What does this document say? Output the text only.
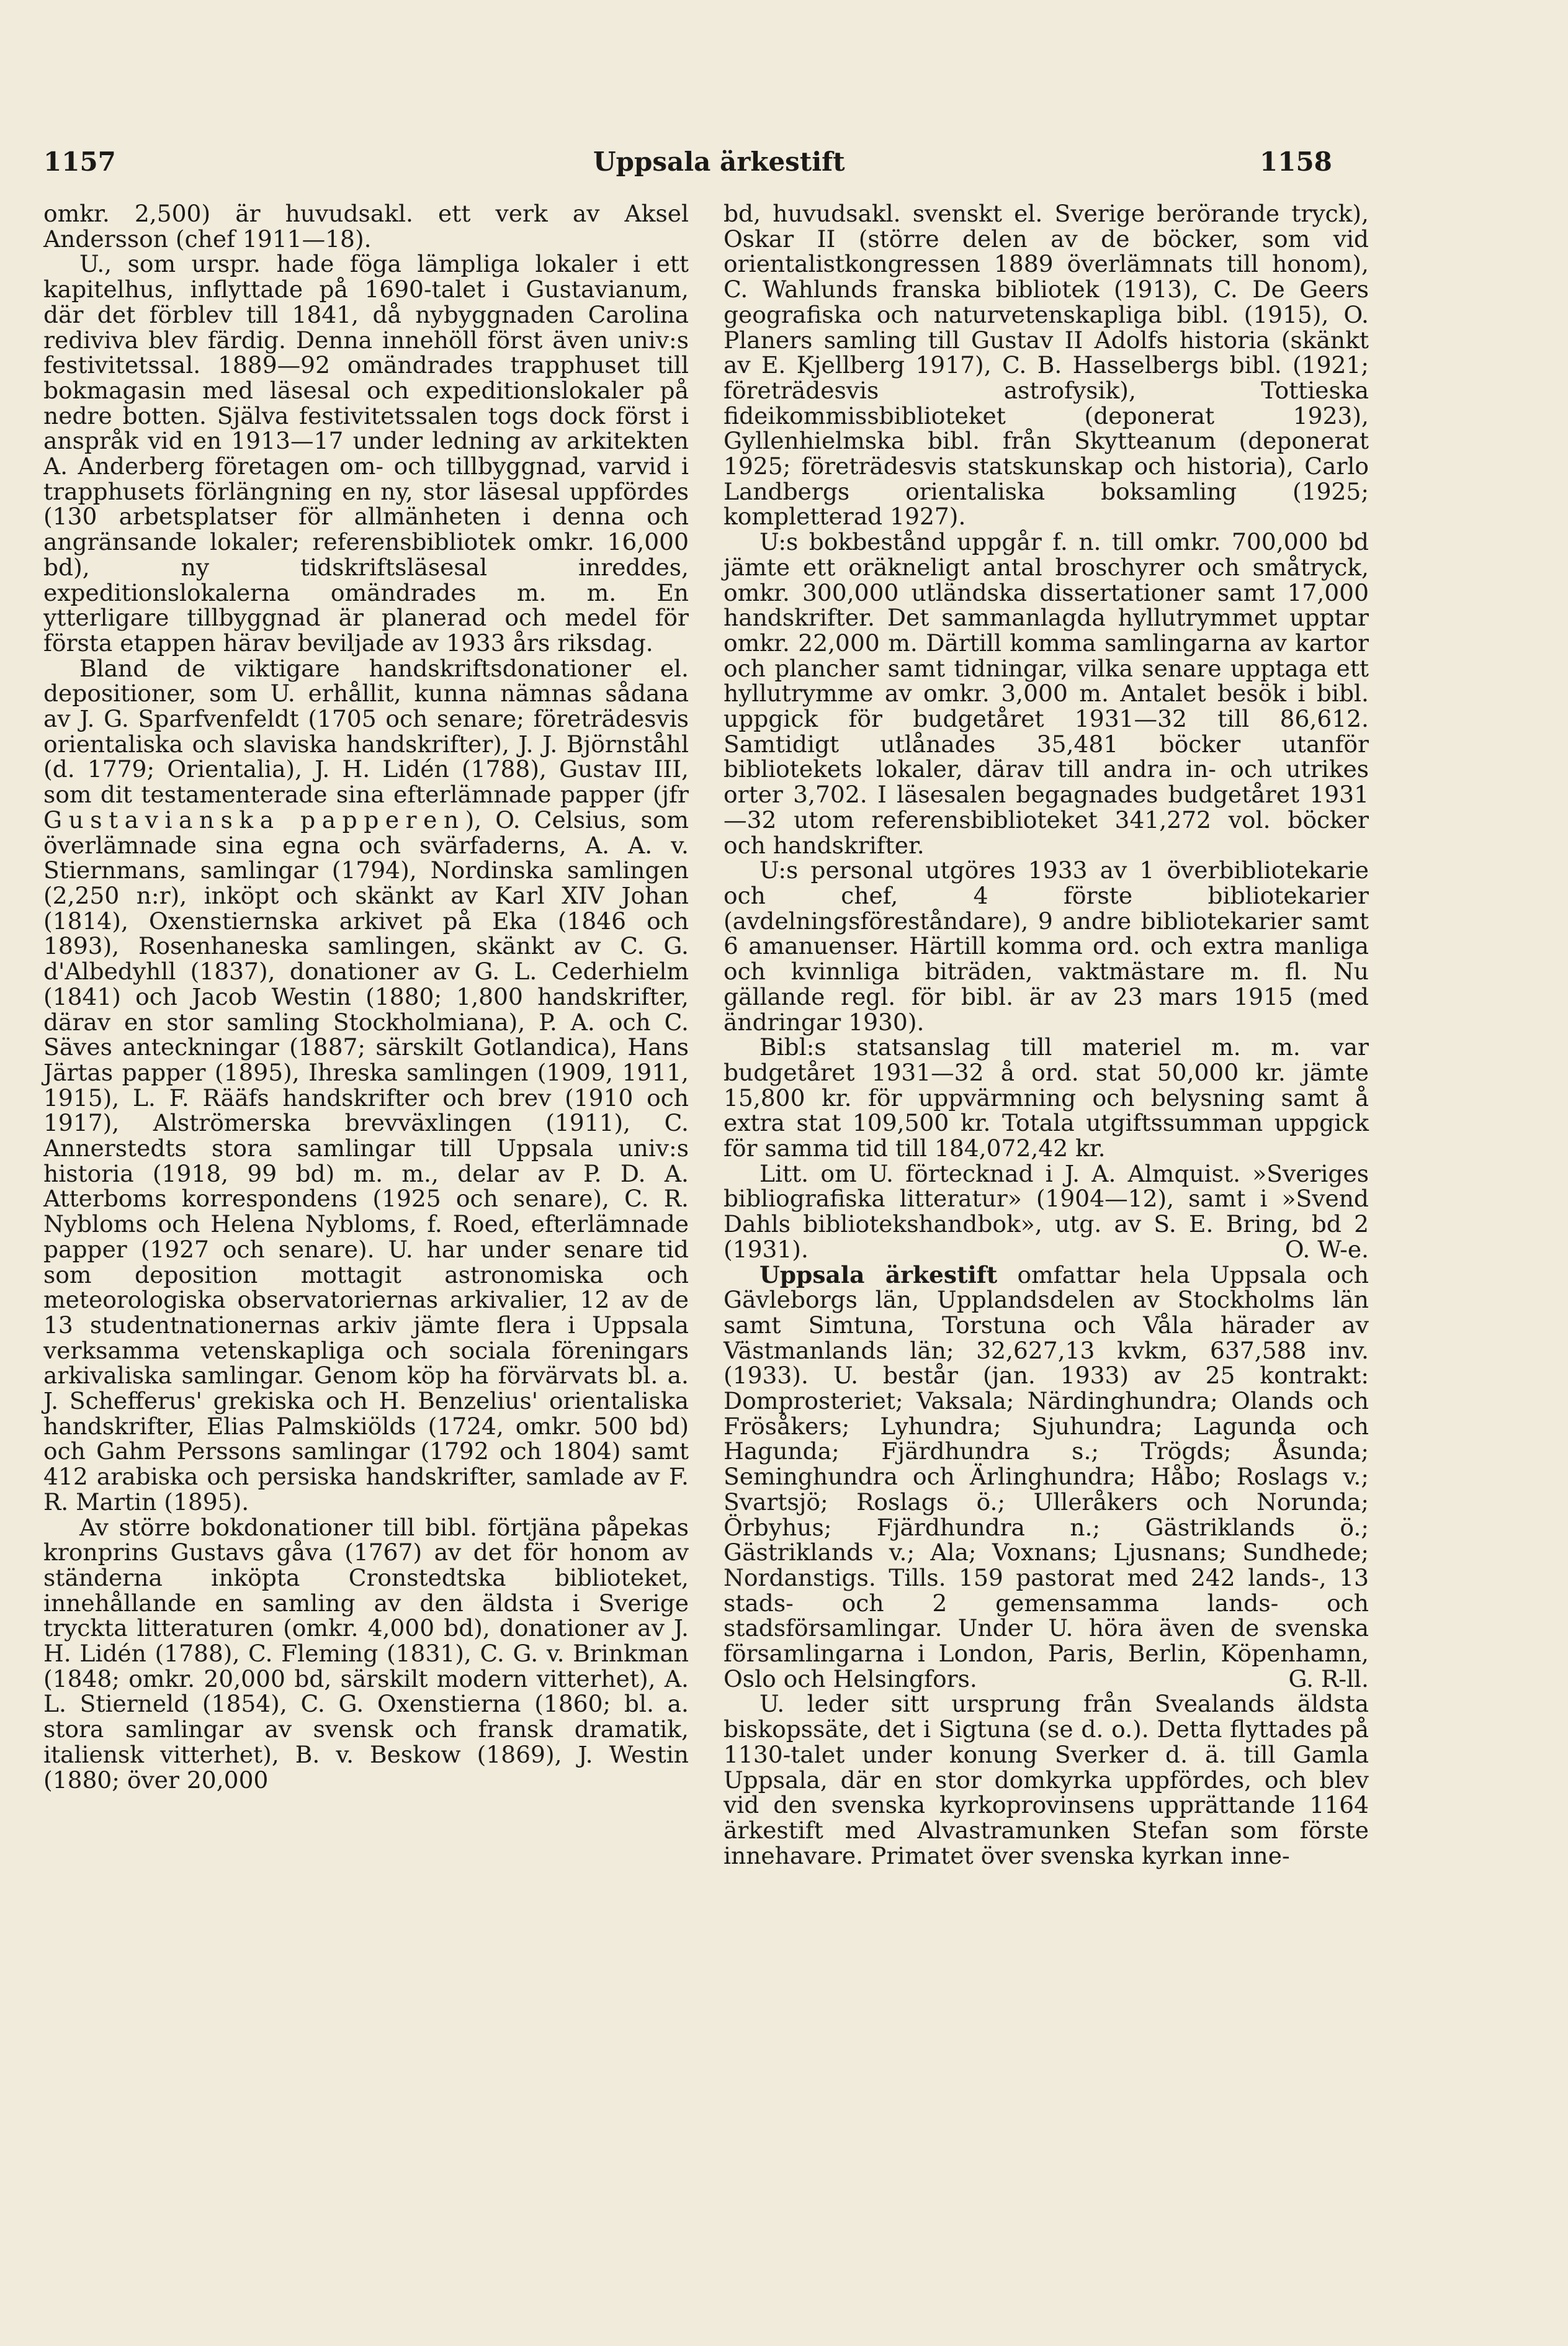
1157	Uppsala ärkestift	1158

omkr. 2,500) är huvudsakl. ett verk av Aksel Andersson (chef 1911—18).

U., som urspr. hade föga lämpliga lokaler i ett kapitelhus, inflyttade på 1690-talet i Gustavianum, där det förblev till 1841, då nybyggnaden Carolina rediviva blev färdig. Denna innehöll först även univ:s festivitetssal. 1889—92 omändrades trapphuset till bokmagasin med läsesal och expeditionslokaler på nedre botten. Själva festivitetssalen togs dock först i anspråk vid en 1913—17 under ledning av arkitekten A. Anderberg företagen om- och tillbyggnad, varvid i trapphusets förlängning en ny, stor läsesal uppfördes (130 arbetsplatser för allmänheten i denna och angränsande lokaler; referensbibliotek omkr. 16,000 bd), ny tidskriftsläsesal inreddes, expeditionslokalerna omändrades m. m. En ytterligare tillbyggnad är planerad och medel för första etappen härav beviljade av 1933 års riksdag.

Bland de viktigare handskriftsdonationer el. depositioner, som U. erhållit, kunna nämnas sådana av J. G. Sparfvenfeldt (1705 och senare; företrädesvis orientaliska och slaviska handskrifter), J. J. Björnståhl (d. 1779; Orientalia), J. H. Lidén (1788), Gustav III, som dit testamenterade sina efterlämnade papper (jfr Gustavianska papperen), O. Celsius, som överlämnade sina egna och svärfaderns, A. A. v. Stiernmans, samlingar (1794), Nordinska samlingen (2,250 n:r), inköpt och skänkt av Karl XIV Johan (1814), Oxenstiernska arkivet på Eka (1846 och 1893), Rosenhaneska samlingen, skänkt av C. G. d'Albedyhll (1837), donationer av G. L. Cederhielm (1841) och Jacob Westin (1880; 1,800 handskrifter, därav en stor samling Stockholmiana), P. A. och C. Säves anteckningar (1887; särskilt Gotlandica), Hans Järtas papper (1895), Ihreska samlingen (1909, 1911, 1915), L. F. Rääfs handskrifter och brev (1910 och 1917), Alströmerska brevväxlingen (1911), C. Annerstedts stora samlingar till Uppsala univ:s historia (1918, 99 bd) m. m., delar av P. D. A. Atterboms korrespondens (1925 och senare), C. R. Nybloms och Helena Nybloms, f. Roed, efterlämnade papper (1927 och senare). U. har under senare tid som deposition mottagit astronomiska och meteorologiska observatoriernas arkivalier, 12 av de 13 studentnationernas arkiv jämte flera i Uppsala verksamma vetenskapliga och sociala föreningars arkivaliska samlingar. Genom köp ha förvärvats bl. a. J. Schefferus' grekiska och H. Benzelius' orientaliska handskrifter, Elias Palmskiölds (1724, omkr. 500 bd) och Gahm Perssons samlingar (1792 och 1804) samt 412 arabiska och persiska handskrifter, samlade av F. R. Martin (1895).

Av större bokdonationer till bibl. förtjäna påpekas kronprins Gustavs gåva (1767) av det för honom av ständerna inköpta Cronstedtska biblioteket, innehållande en samling av den äldsta i Sverige tryckta litteraturen (omkr. 4,000 bd), donationer av J. H. Lidén (1788), C. Fleming (1831), C. G. v. Brinkman (1848; omkr. 20,000 bd, särskilt modern vitterhet), A. L. Stierneld (1854), C. G. Oxenstierna (1860; bl. a. stora samlingar av svensk och fransk dramatik, italiensk vitterhet), B. v. Beskow (1869), J. Westin (1880; över 20,000

bd, huvudsakl. svenskt el. Sverige berörande tryck), Oskar II (större delen av de böcker, som vid orientalistkongressen 1889 överlämnats till honom), C. Wahlunds franska bibliotek (1913), C. De Geers geografiska och naturvetenskapliga bibl. (1915), O. Planers samling till Gustav II Adolfs historia (skänkt av E. Kjellberg 1917), C. B. Hasselbergs bibl. (1921; företrädesvis astrofysik), Tottieska fideikommissbiblioteket (deponerat 1923), Gyllenhielmska bibl. från Skytteanum (deponerat 1925; företrädesvis statskunskap och historia), Carlo Landbergs orientaliska boksamling (1925; kompletterad 1927).

U:s bokbestånd uppgår f. n. till omkr. 700,000 bd jämte ett oräkneligt antal broschyrer och småtryck, omkr. 300,000 utländska dissertationer samt 17,000 handskrifter. Det sammanlagda hyllutrymmet upptar omkr. 22,000 m. Därtill komma samlingarna av kartor och plancher samt tidningar, vilka senare upptaga ett hyllutrymme av omkr. 3,000 m. Antalet besök i bibl. uppgick för budgetåret 1931—32 till 86,612. Samtidigt utlånades 35,481 böcker utanför bibliotekets lokaler, därav till andra in- och utrikes orter 3,702. I läsesalen begagnades budgetåret 1931—32 utom referensbiblioteket 341,272 vol. böcker och handskrifter.

U:s personal utgöres 1933 av 1 överbibliotekarie och chef, 4 förste bibliotekarier (avdelningsföreståndare), 9 andre bibliotekarier samt 6 amanuenser. Härtill komma ord. och extra manliga och kvinnliga biträden, vaktmästare m. fl. Nu gällande regl. för bibl. är av 23 mars 1915 (med ändringar 1930).

Bibl:s statsanslag till materiel m. m. var budgetåret 1931—32 å ord. stat 50,000 kr. jämte 15,800 kr. för uppvärmning och belysning samt å extra stat 109,500 kr. Totala utgiftssumman uppgick för samma tid till 184,072,42 kr.

Litt. om U. förtecknad i J. A. Almquist. »Sveriges bibliografiska litteratur» (1904—12), samt i »Svend Dahls bibliotekshandbok», utg. av S. E. Bring, bd 2 (1931).	O. W-e.

Uppsala ärkestift omfattar hela Uppsala och Gävleborgs län, Upplandsdelen av Stockholms län samt Simtuna, Torstuna och Våla härader av Västmanlands län; 32,627,13 kvkm, 637,588 inv. (1933). U. består (jan. 1933) av 25 kontrakt: Domprosteriet; Vaksala; Närdinghundra; Olands och Frösåkers; Lyhundra; Sjuhundra; Lagunda och Hagunda; Fjärdhundra s.; Trögds; Åsunda; Seminghundra och Ärlinghundra; Håbo; Roslags v.; Svartsjö; Roslags ö.; Ulleråkers och Norunda; Örbyhus; Fjärdhundra n.; Gästriklands ö.; Gästriklands v.; Ala; Voxnans; Ljusnans; Sundhede; Nordanstigs. Tills. 159 pastorat med 242 lands-, 13 stads- och 2 gemensamma lands- och stadsförsamlingar. Under U. höra även de svenska församlingarna i London, Paris, Berlin, Köpenhamn, Oslo och Helsingfors.	G. R-ll.

U. leder sitt ursprung från Svealands äldsta biskopssäte, det i Sigtuna (se d. o.). Detta flyttades på 1130-talet under konung Sverker d. ä. till Gamla Uppsala, där en stor domkyrka uppfördes, och blev vid den svenska kyrkoprovinsens upprättande 1164 ärkestift med Alvastramunken Stefan som förste innehavare. Primatet över svenska kyrkan inne-
